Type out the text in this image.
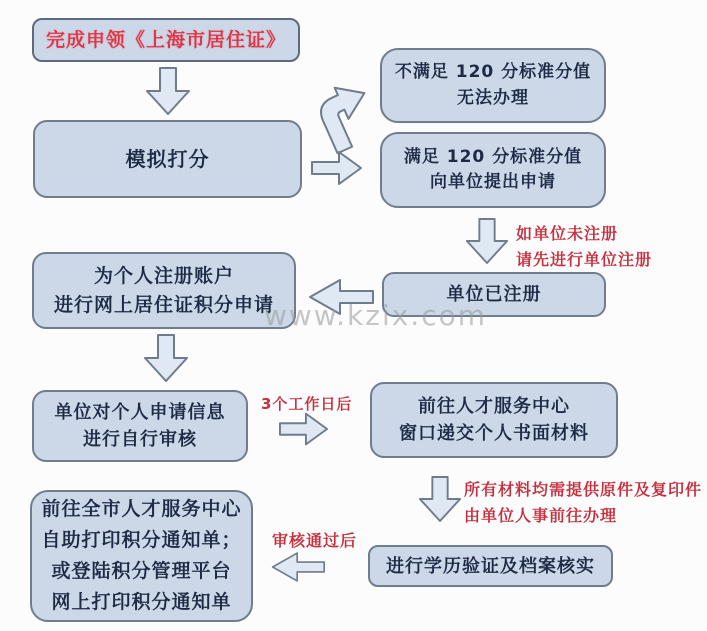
完成申领《上海市居住证》
模拟打分
不满足 120 分标准分值
无法办理
满足 120 分标准分值
向单位提出申请
如单位未注册
请先进行单位注册
单位已注册
为个人注册账户
进行网上居住证积分申请
单位对个人申请信息
进行自行审核
3个工作日后	前往人才服务中心
窗口递交个人书面材料
所有材料均需提供原件及复印件
由单位人事前往办理
进行学历验证及档案核实
审核通过后
前往全市人才服务中心
自助打印积分通知单；
或登陆积分管理平台
网上打印积分通知单
www.kzix.com
